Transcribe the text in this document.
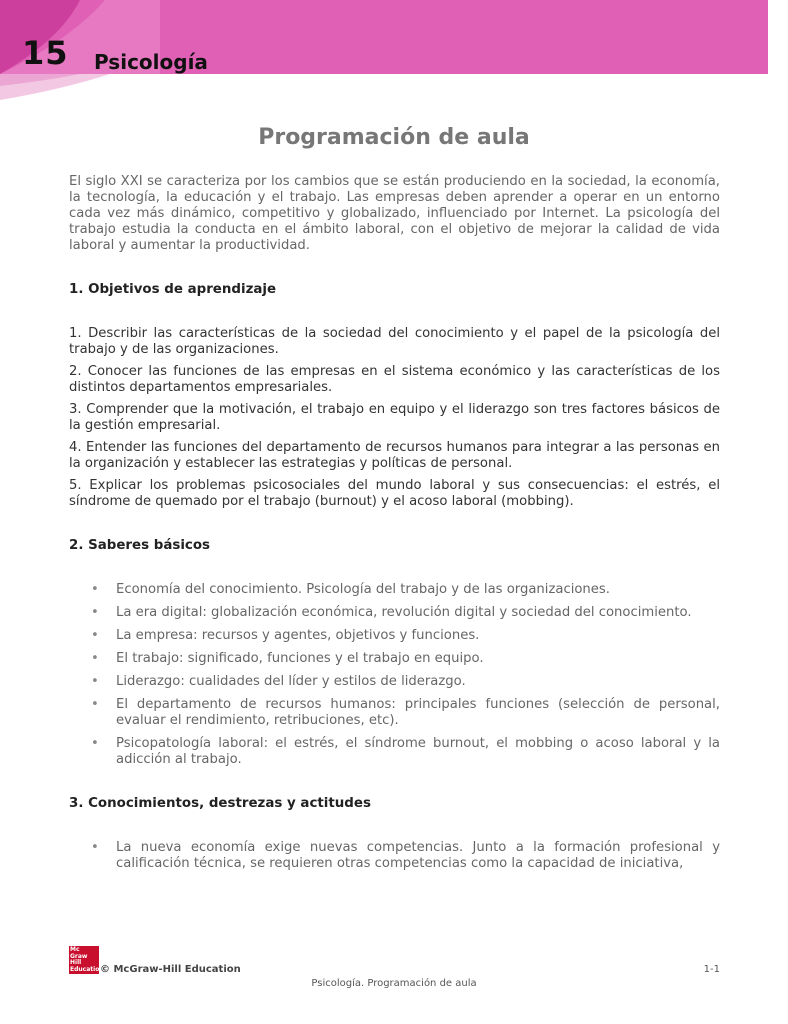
15 Psicología
Programación de aula

El siglo XXI se caracteriza por los cambios que se están produciendo en la sociedad, la economía, la tecnología, la educación y el trabajo. Las empresas deben aprender a operar en un entorno cada vez más dinámico, competitivo y globalizado, influenciado por Internet. La psicología del trabajo estudia la conducta en el ámbito laboral, con el objetivo de mejorar la calidad de vida laboral y aumentar la productividad.

1. Objetivos de aprendizaje

1. Describir las características de la sociedad del conocimiento y el papel de la psicología del trabajo y de las organizaciones.

2. Conocer las funciones de las empresas en el sistema económico y las características de los distintos departamentos empresariales.

3. Comprender que la motivación, el trabajo en equipo y el liderazgo son tres factores básicos de la gestión empresarial.

4. Entender las funciones del departamento de recursos humanos para integrar a las personas en la organización y establecer las estrategias y políticas de personal.

5. Explicar los problemas psicosociales del mundo laboral y sus consecuencias: el estrés, el síndrome de quemado por el trabajo (burnout) y el acoso laboral (mobbing).

2. Saberes básicos
• Economía del conocimiento. Psicología del trabajo y de las organizaciones.
• La era digital: globalización económica, revolución digital y sociedad del conocimiento.
• La empresa: recursos y agentes, objetivos y funciones.
• El trabajo: significado, funciones y el trabajo en equipo.
• Liderazgo: cualidades del líder y estilos de liderazgo.
• El departamento de recursos humanos: principales funciones (selección de personal, evaluar el rendimiento, retribuciones, etc).
• Psicopatología laboral: el estrés, el síndrome burnout, el mobbing o acoso laboral y la adicción al trabajo.
3. Conocimientos, destrezas y actitudes
• La nueva economía exige nuevas competencias. Junto a la formación profesional y calificación técnica, se requieren otras competencias como la capacidad de iniciativa,
Mc Graw Hill Education
© McGraw-Hill Education	1-1
Psicología. Programación de aula
